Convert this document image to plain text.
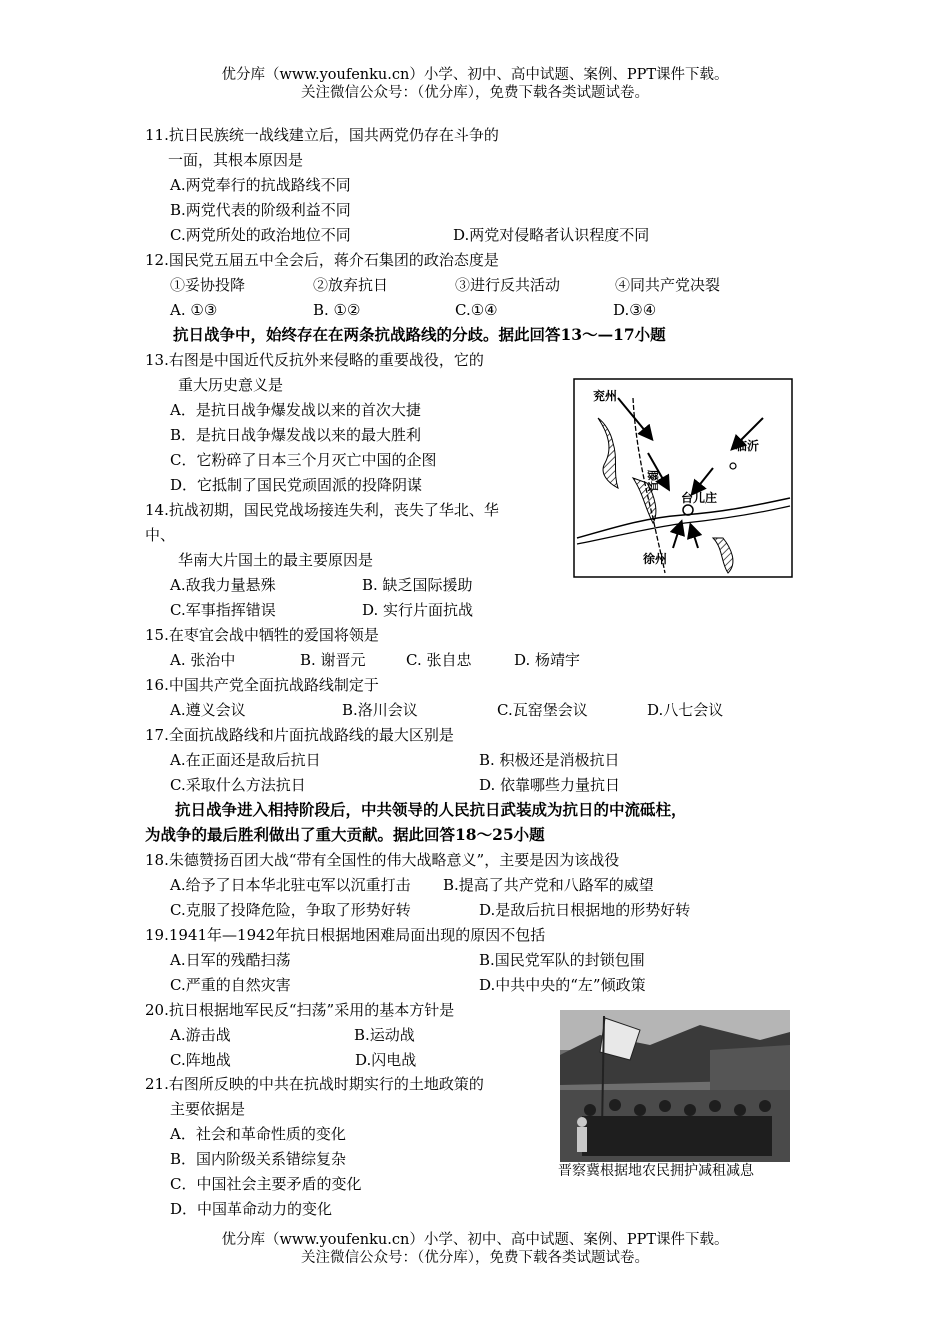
优分库（www.youfenku.cn）小学、初中、高中试题、案例、PPT课件下载。
关注微信公众号：（优分库），免费下载各类试题试卷。
11.抗日民族统一战线建立后，国共两党仍存在斗争的
一面，其根本原因是
A.两党奉行的抗战路线不同
B.两党代表的阶级利益不同
C.两党所处的政治地位不同	D.两党对侵略者认识程度不同
12.国民党五届五中全会后，蒋介石集团的政治态度是
①妥协投降	②放弃抗日	③进行反共活动	④同共产党决裂
A. ①③	B. ①②	C.①④	D.③④
抗日战争中，始终存在在两条抗战路线的分歧。据此回答13～—17小题
13.右图是中国近代反抗外来侵略的重要战役，它的
重大历史意义是
A．是抗日战争爆发战以来的首次大捷
B．是抗日战争爆发战以来的最大胜利
C．它粉碎了日本三个月灭亡中国的企图
D．它抵制了国民党顽固派的投降阴谋
兖州
临沂
台儿庄
徐州
滕县
14.抗战初期，国民党战场接连失利，丧失了华北、华
中、
华南大片国土的最主要原因是
A.敌我力量悬殊	B. 缺乏国际援助
C.军事指挥错误	D. 实行片面抗战
15.在枣宜会战中牺牲的爱国将领是
A. 张治中	B. 谢晋元	C. 张自忠	D. 杨靖宇
16.中国共产党全面抗战路线制定于
A.遵义会议	B.洛川会议	C.瓦窑堡会议	D.八七会议
17.全面抗战路线和片面抗战路线的最大区别是
A.在正面还是敌后抗日	B. 积极还是消极抗日
C.采取什么方法抗日	D. 依靠哪些力量抗日
抗日战争进入相持阶段后，中共领导的人民抗日武装成为抗日的中流砥柱，
为战争的最后胜利做出了重大贡献。据此回答18～25小题
18.朱德赞扬百团大战“带有全国性的伟大战略意义”，主要是因为该战役
A.给予了日本华北驻屯军以沉重打击 B.提高了共产党和八路军的威望
C.克服了投降危险，争取了形势好转	D.是敌后抗日根据地的形势好转
19.1941年—1942年抗日根据地困难局面出现的原因不包括
A.日军的残酷扫荡	B.国民党军队的封锁包围
C.严重的自然灾害	D.中共中央的“左”倾政策
20.抗日根据地军民反“扫荡”采用的基本方针是
A.游击战	B.运动战
C.阵地战	D.闪电战
晋察冀根据地农民拥护减租减息
21.右图所反映的中共在抗战时期实行的土地政策的
主要依据是
A．社会和革命性质的变化
B．国内阶级关系错综复杂
C．中国社会主要矛盾的变化
D．中国革命动力的变化
优分库（www.youfenku.cn）小学、初中、高中试题、案例、PPT课件下载。
关注微信公众号：（优分库），免费下载各类试题试卷。
